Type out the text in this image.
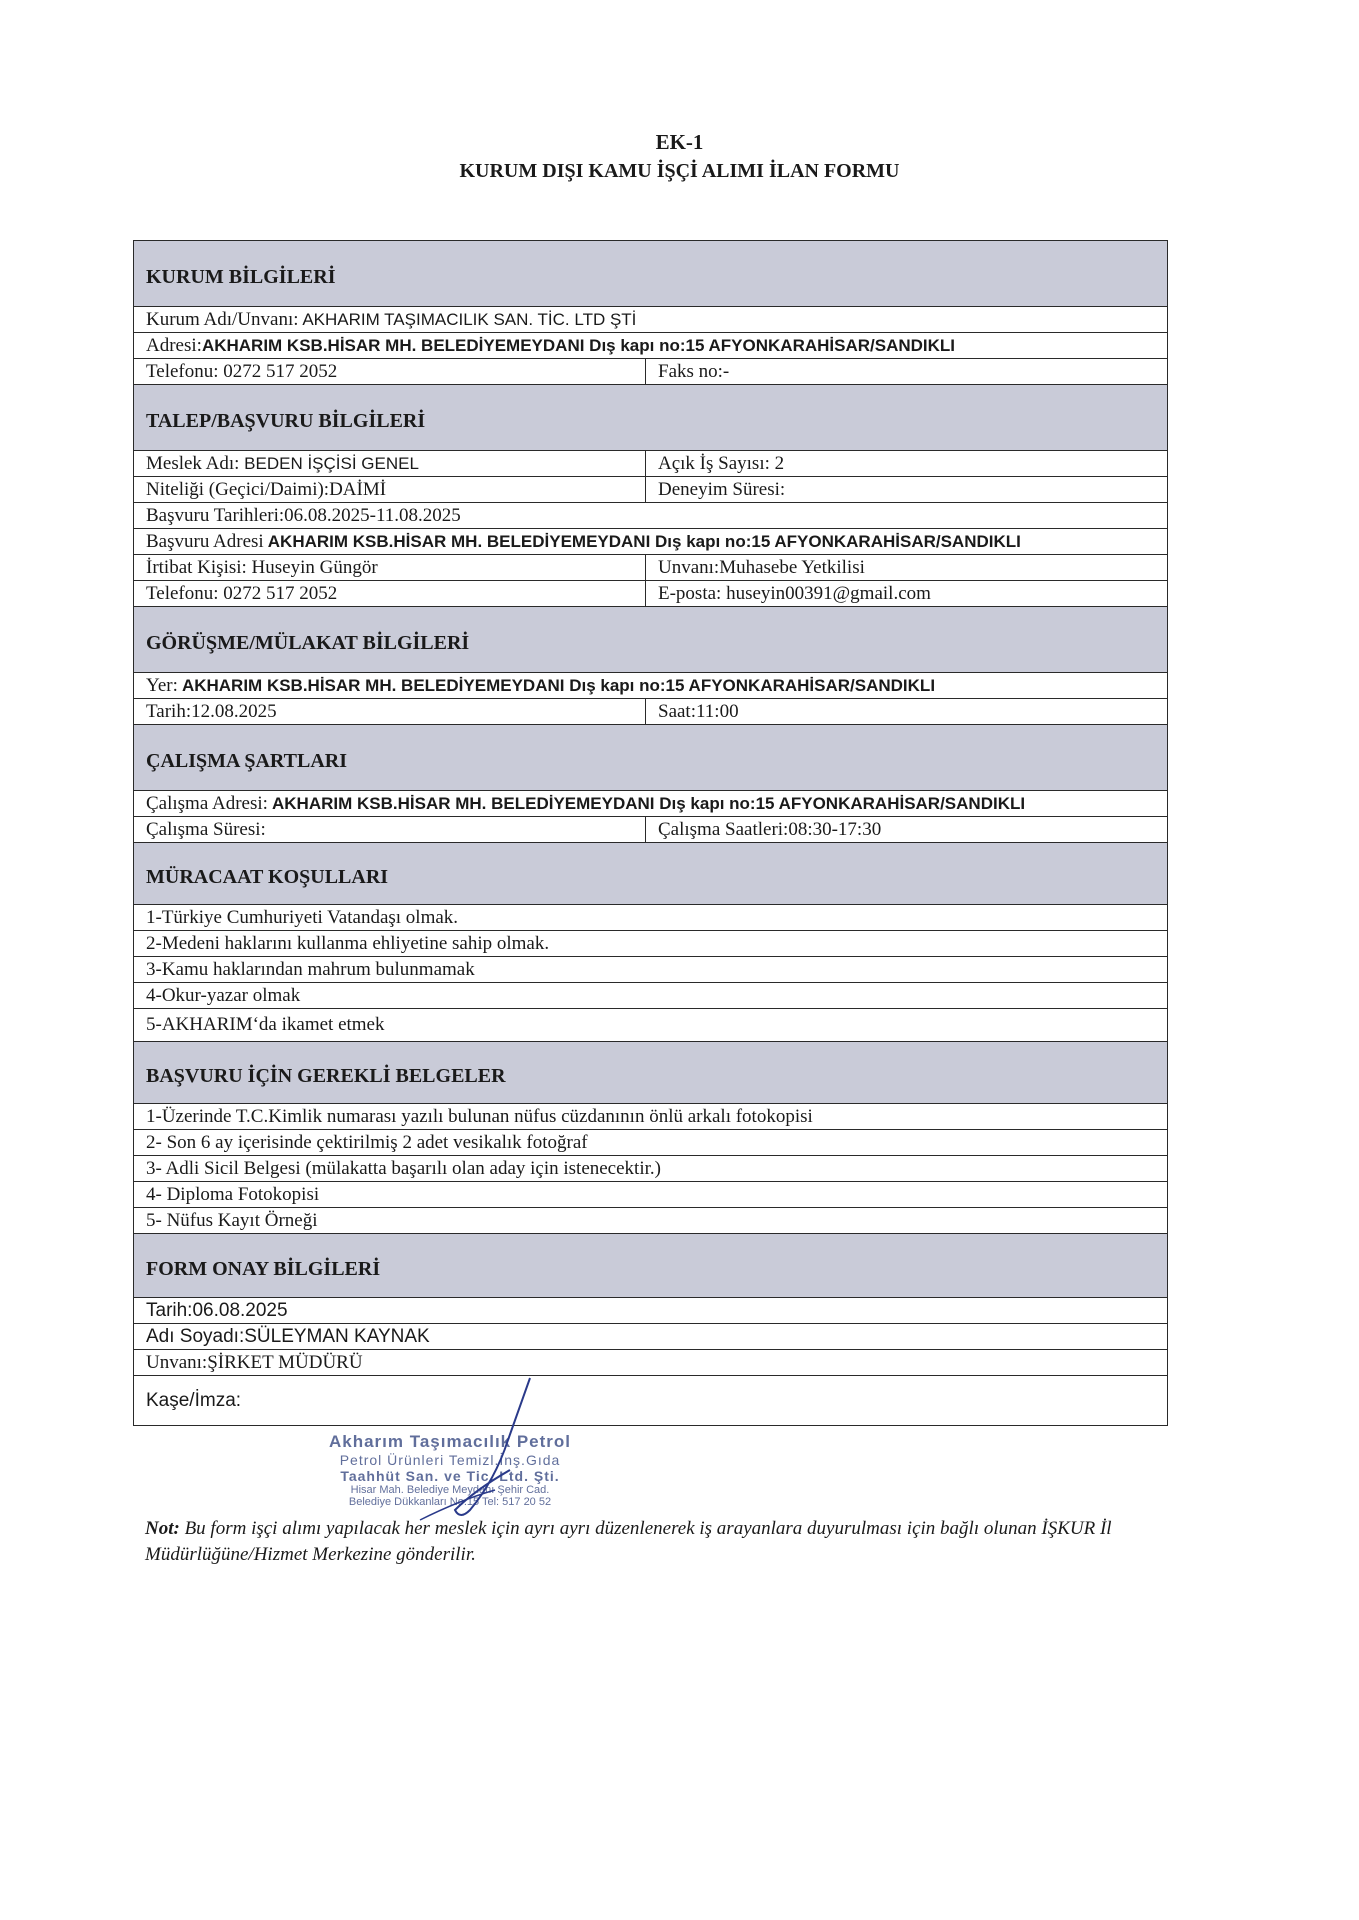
EK-1
KURUM DIŞI KAMU İŞÇİ ALIMI İLAN FORMU
KURUM BİLGİLERİ	
Kurum Adı/Unvanı: AKHARIM TAŞIMACILIK SAN. TİC. LTD ŞTİ	
Adresi:AKHARIM KSB.HİSAR MH. BELEDİYEMEYDANI Dış kapı no:15 AFYONKARAHİSAR/SANDIKLI	
Telefonu: 0272 517 2052	Faks no:-
TALEP/BAŞVURU BİLGİLERİ	
Meslek Adı: BEDEN İŞÇİSİ GENEL	Açık İş Sayısı: 2
Niteliği (Geçici/Daimi):DAİMİ	Deneyim Süresi:
Başvuru Tarihleri:06.08.2025-11.08.2025	
Başvuru Adresi AKHARIM KSB.HİSAR MH. BELEDİYEMEYDANI Dış kapı no:15 AFYONKARAHİSAR/SANDIKLI	
İrtibat Kişisi: Huseyin Güngör	Unvanı:Muhasebe Yetkilisi
Telefonu: 0272 517 2052	E-posta: huseyin00391@gmail.com
GÖRÜŞME/MÜLAKAT BİLGİLERİ	
Yer: AKHARIM KSB.HİSAR MH. BELEDİYEMEYDANI Dış kapı no:15 AFYONKARAHİSAR/SANDIKLI	
Tarih:12.08.2025	Saat:11:00
ÇALIŞMA ŞARTLARI	
Çalışma Adresi: AKHARIM KSB.HİSAR MH. BELEDİYEMEYDANI Dış kapı no:15 AFYONKARAHİSAR/SANDIKLI	
Çalışma Süresi:	Çalışma Saatleri:08:30-17:30
MÜRACAAT KOŞULLARI	
1-Türkiye Cumhuriyeti Vatandaşı olmak.	
2-Medeni haklarını kullanma ehliyetine sahip olmak.	
3-Kamu haklarından mahrum bulunmamak	
4-Okur-yazar olmak	
5-AKHARIM‘da ikamet etmek	
BAŞVURU İÇİN GEREKLİ BELGELER	
1-Üzerinde T.C.Kimlik numarası yazılı bulunan nüfus cüzdanının önlü arkalı fotokopisi	
2- Son 6 ay içerisinde çektirilmiş 2 adet vesikalık fotoğraf	
3- Adli Sicil Belgesi (mülakatta başarılı olan aday için istenecektir.)	
4- Diploma Fotokopisi	
5- Nüfus Kayıt Örneği	
FORM ONAY BİLGİLERİ	
Tarih:06.08.2025	
Adı Soyadı:SÜLEYMAN KAYNAK	
Unvanı:ŞİRKET MÜDÜRÜ	
Kaşe/İmza:	
Akharım Taşımacılık Petrol
Petrol Ürünleri Temizl.İnş.Gıda
Taahhüt San. ve Tic. Ltd. Şti.
Hisar Mah. Belediye Meydanı Şehir Cad.
Belediye Dükkanları No:15 Tel: 517 20 52
Not: Bu form işçi alımı yapılacak her meslek için ayrı ayrı düzenlenerek iş arayanlara duyurulması için bağlı olunan İŞKUR İl Müdürlüğüne/Hizmet Merkezine gönderilir.
